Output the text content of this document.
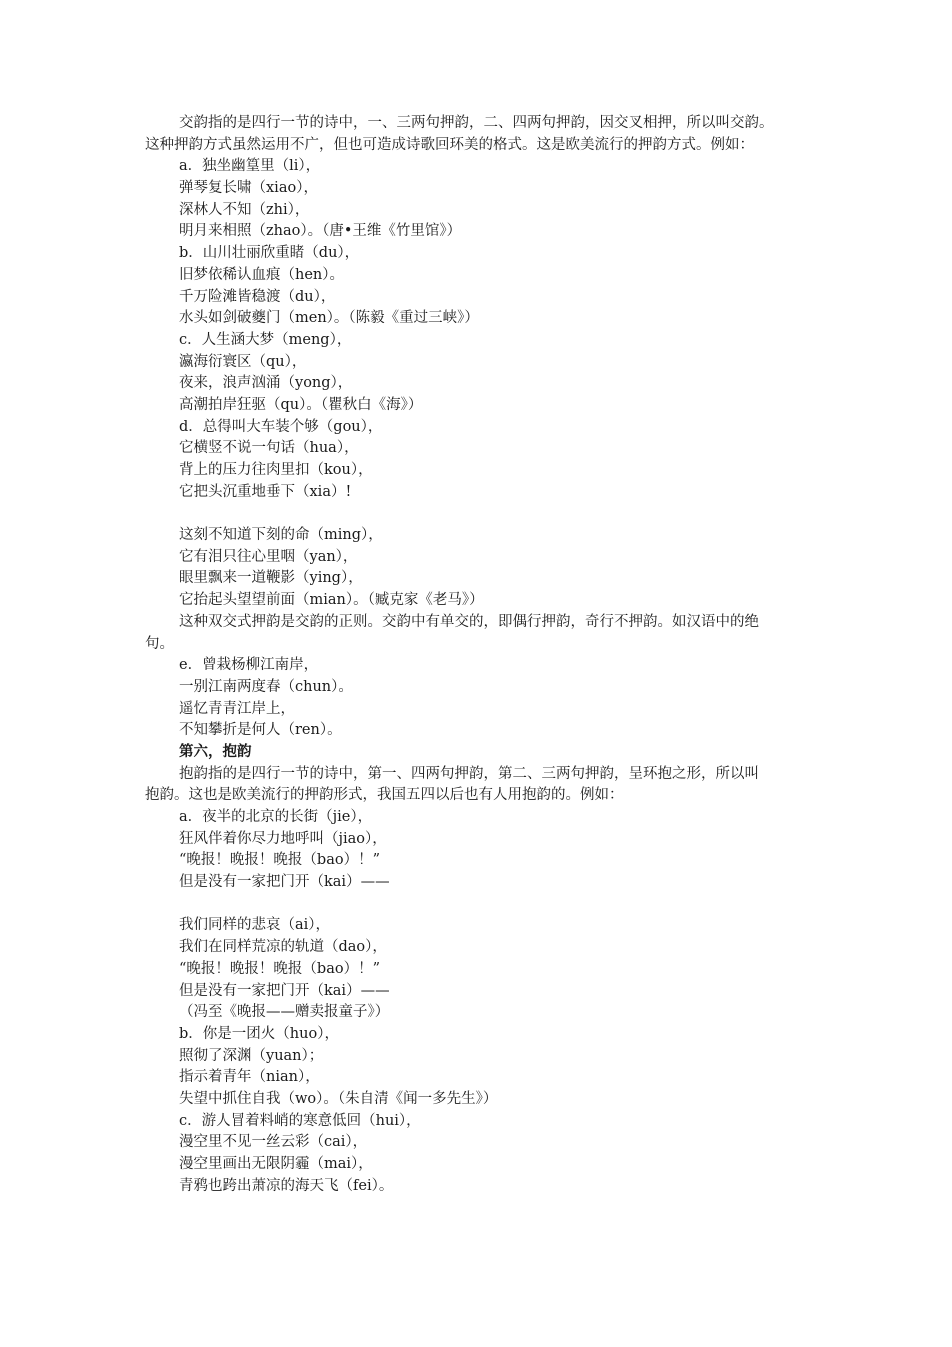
交韵指的是四行一节的诗中，一、三两句押韵，二、四两句押韵，因交叉相押，所以叫交韵。
这种押韵方式虽然运用不广，但也可造成诗歌回环美的格式。这是欧美流行的押韵方式。例如：
a．独坐幽篁里（li），
弹琴复长啸（xiao），
深林人不知（zhi），
明月来相照（zhao）。（唐•王维《竹里馆》）
b．山川壮丽欣重睹（du），
旧梦依稀认血痕（hen）。
千万险滩皆稳渡（du），
水头如剑破夔门（men）。（陈毅《重过三峡》）
c．人生涵大梦（meng），
瀛海衍寰区（qu），
夜来，浪声汹涌（yong），
高潮拍岸狂驱（qu）。（瞿秋白《海》）
d．总得叫大车装个够（gou），
它横竖不说一句话（hua），
背上的压力往肉里扣（kou），
它把头沉重地垂下（xia）!
这刻不知道下刻的命（ming），
它有泪只往心里咽（yan），
眼里飘来一道鞭影（ying），
它抬起头望望前面（mian）。（臧克家《老马》）
这种双交式押韵是交韵的正则。交韵中有单交的，即偶行押韵，奇行不押韵。如汉语中的绝
句。
e．曾栽杨柳江南岸，
一别江南两度春（chun）。
遥忆青青江岸上，
不知攀折是何人（ren）。
第六，抱韵
抱韵指的是四行一节的诗中，第一、四两句押韵，第二、三两句押韵，呈环抱之形，所以叫
抱韵。这也是欧美流行的押韵形式，我国五四以后也有人用抱韵的。例如：
a．夜半的北京的长街（jie），
狂风伴着你尽力地呼叫（jiao），
“晚报！晚报！晚报（bao）！”
但是没有一家把门开（kai）——
我们同样的悲哀（ai），
我们在同样荒凉的轨道（dao），
“晚报！晚报！晚报（bao）！”
但是没有一家把门开（kai）——
（冯至《晚报——赠卖报童子》）
b．你是一团火（huo），
照彻了深渊（yuan）；
指示着青年（nian），
失望中抓住自我（wo）。（朱自清《闻一多先生》）
c．游人冒着料峭的寒意低回（hui），
漫空里不见一丝云彩（cai），
漫空里画出无限阴霾（mai），
青鸦也跨出萧凉的海天飞（fei）。
